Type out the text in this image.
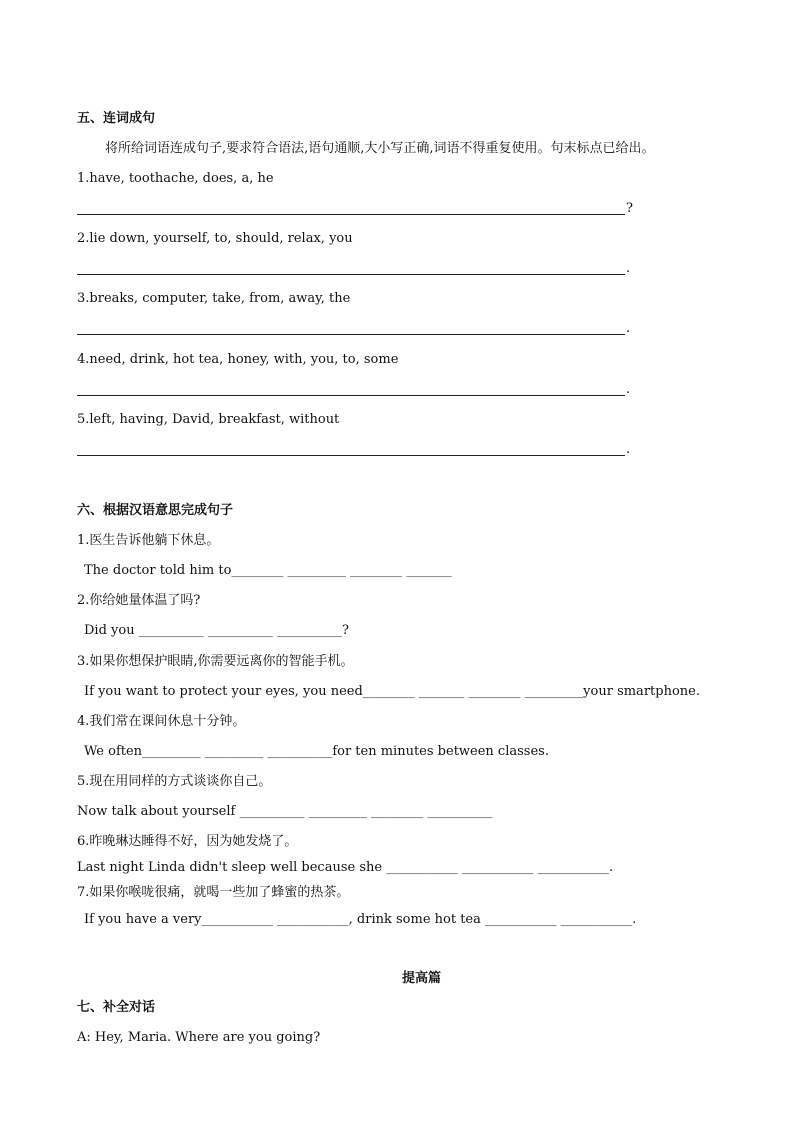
五、连词成句
将所给词语连成句子,要求符合语法,语句通顺,大小写正确,词语不得重复使用。句末标点已给出。
1.have, toothache, does, a, he
?
2.lie down, yourself, to, should, relax, you
.
3.breaks, computer, take, from, away, the
.
4.need, drink, hot tea, honey, with, you, to, some
.
5.left, having, David, breakfast, without
.
六、根据汉语意思完成句子
1.医生告诉他躺下休息。
The doctor told him to________ _________ ________ _______
2.你给她量体温了吗?
Did you __________ __________ __________?
3.如果你想保护眼睛,你需要远离你的智能手机。
If you want to protect your eyes, you need________ _______ ________ _________your smartphone.
4.我们常在课间休息十分钟。
We often_________ _________ __________for ten minutes between classes.
5.现在用同样的方式谈谈你自己。
Now talk about yourself __________ _________ ________ __________
6.昨晚琳达睡得不好，因为她发烧了。
Last night Linda didn't sleep well because she ___________ ___________ ___________.
7.如果你喉咙很痛，就喝一些加了蜂蜜的热茶。
If you have a very___________ ___________, drink some hot tea ___________ ___________.
提高篇
七、补全对话
A: Hey, Maria. Where are you going?
